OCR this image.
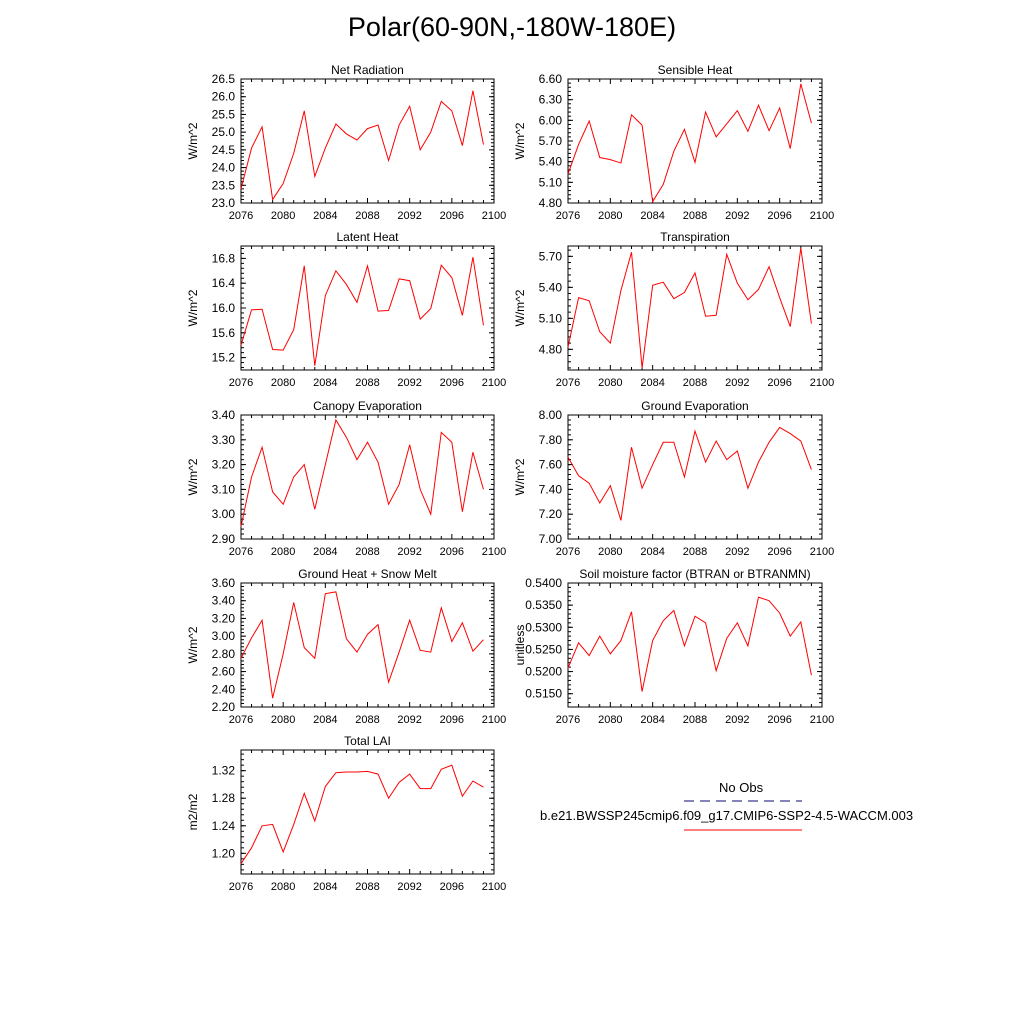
Polar(60-90N,-180W-180E)
Net Radiation
W/m^2
2076 2080 2084 2088 2092 2096 2100
23.0
23.5
24.0
24.5
25.0
25.5
26.0
26.5
Sensible Heat
W/m^2
2076 2080 2084 2088 2092 2096 2100
4.80
5.10
5.40
5.70
6.00
6.30
6.60
Latent Heat
W/m^2
2076 2080 2084 2088 2092 2096 2100
15.2
15.6
16.0
16.4
16.8
Transpiration
W/m^2
2076 2080 2084 2088 2092 2096 2100
4.80
5.10
5.40
5.70
Canopy Evaporation
W/m^2
2076 2080 2084 2088 2092 2096 2100
2.90
3.00
3.10
3.20
3.30
3.40
Ground Evaporation
W/m^2
2076 2080 2084 2088 2092 2096 2100
7.00
7.20
7.40
7.60
7.80
8.00
Ground Heat + Snow Melt
W/m^2
2076 2080 2084 2088 2092 2096 2100
2.20
2.40
2.60
2.80
3.00
3.20
3.40
3.60
Soil moisture factor (BTRAN or BTRANMN)
unitless
2076 2080 2084 2088 2092 2096 2100
0.5150
0.5200
0.5250
0.5300
0.5350
0.5400
Total LAI
m2/m2
2076 2080 2084 2088 2092 2096 2100
1.20
1.24
1.28
1.32
No Obs
b.e21.BWSSP245cmip6.f09_g17.CMIP6-SSP2-4.5-WACCM.003
